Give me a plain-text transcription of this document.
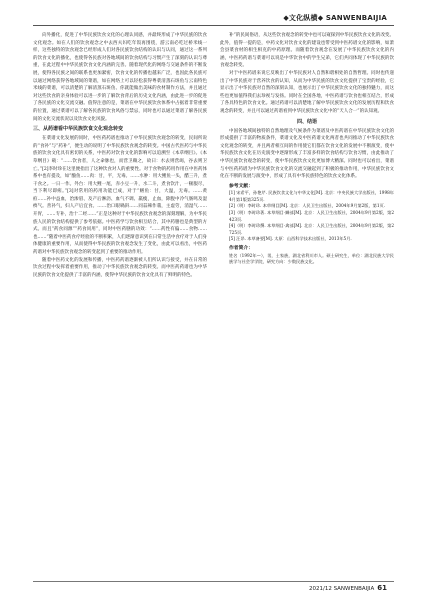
◆文化纵横◆ SANWENBAIJIA

向外播化，促进了中华民族饮食文化的心理认同感，并最终形成了中华民族的饮食文化观念。如在人们的饮食观念之中去西夫妇吃年饭再围绕，游云南必吃过桥米线一样，这些独特的饮食观念已经形成人们对各民族饮食结构的认识与认同，通过这一系列的饮食文化的播化，也使得各民族对各地域间的饮食结构与习惯产生了深刻的认识与尊重，在此过程中中华民族饮食文化内涵的完善。随着现代化的网络与交通条件的不断发展，使得各民族之间的联系也更加紧密，饮食文化的传播也越来广泛，也因此各民族可以通过网络获得各地域间的菜谱，如在网络上可以轻松获得粤菜清蒸石斑鱼与云南特色米线的菜谱，可以清楚的了解清蒸石斑鱼、你就能做出美味的食材制作方法，并且通过对这些饮食的亲身体验可以进一步的了解饮食背后的历史文化内涵，由此进一步的促进了各民族的文化交流交融。值得注意的是，菜谱在中华民族饮食体系中占据着非常重要的位置，通过菜谱可以了解各民族的饮食风俗与禁忌，同时也可以通过菜谱了解各民族间的文化交流状况以及饮食文化风貌。

三、从药谱看中华民族饮食文化观念转变

在菜谱文化发展的同时，中医药药谱也推动了中华民族饮食观念的转变，民间所说的“食补”与“药补”，便生动的说明了中华民族饮食观念的转变。中国古代医药与中华民族的饮食文化具有密切的关系，中医药对饮食文化的影响可以追溯至《本草纲目》。《本草纲目》载：“……饮食者，人之命脉也，而营卫赖之，故曰：水去则营竭，谷去则卫亡。”[2]李时珍在这里便指出了这种饮食对人的重要性。对于食物的药用作用在中医药体系中也有提及，如“酿鱼……肉：甘，平，无毒。……水肿：用大鲤鱼一头，醋三升，煮干食之。一日一作。外台：用大鲤一尾，赤小豆一升，水二斗，煮食饮汁，一顿服尽，当下利尽即瘥。”[3]对常用的药用功能已成，对于“鳝鱼：甘，大温，无毒。……黄疸……补中益血，治渗唇、及产后淋沥、血气不调、羸瘦，止血，除腹中冷气肠鸣及湿痹气。善补气，妇人产后宜食。……治口眼喎斜……同蒜辣作羹，主虚劳，消湿气……开胃，……专补，治十二经……”正是这种对于中华民族饮食观念的深刻理解，为中华民族人民的饮食结构提供了参考依据。中医药学与饮食相互结合，其中药膳也是典型的方式。而且“药食同源”“药食同用”，同时中医药膳的功效：“……药性有偏……食物……也……”随着中医药食疗经验的不断积累，人们逐渐意识到在日常生活中食疗对于人们身体健康的重要作用，从而使得中华民族的饮食观念发生了变化，由此可以看出，中医药药谱对中华民族饮食观念的转变起到了重要的推动作用。

随着中医药文化的发展和传播，中医药药谱逐渐被人们所认识与接受，并在日常的饮食过程中发挥着重要作用，推动了中华民族饮食观念的转变。而中医药药谱也为中华民族的饮食文化提供了丰富的内涵，使得中华民族的饮食文化具有了鲜明的特色。

补”的民间俗语，从这些饮食观念的转变中也可以窥探到中华民族饮食文化的改变。此外，值得一提的是，中药文化对饮食文化的建设也带受到中医药谱文化的影响，如萧会县菜食材的相生相克的中药原理。而随着饮食观念在发展了中华民族饮食文化的内涵，中医药药谱与菜谱可以说是中华饮食中的学生兄弟，它们共同体现了中华民族的饮食观念转变。

对于中医药谱来说它反映出了中华民族对人自然和谐相处的自然哲理。同时也传递出了中华民族对于营养饮食的认知，从而为中华民族的饮食文化提供了宝贵的经验，它显示出了中华民族对自然的深刻认知，也展示出了中华民族饮食文化的独特魅力，而这些也更加值得我们去珍视与发扬。同时在全国各地，中医药谱与饮食也相互结合，形成了各具特色的饮食文化。通过药谱可以清楚地了解中华民族饮食文化的发展历程和饮食观念的转变，并且可以通过药谱看到中华民族饮食文化中的“天人合一”的认知观。

四、结语

中国各地域间独特的自然地理及气候条件为菜谱及中医药谱在中华民族饮食文化的形成提供了丰富的物质条件，菜谱文化及中医药谱文化两者也共同推动了中华民族饮食文化观念的转变，并且两者相互间的作用使它们都在饮食文化的发展中不断演变，使中华民族饮食文化在历史演变中逐渐形成了丰富多样的饮食结构与饮食习惯，由此推动了中华民族饮食观念的转变，使中华民族饮食文化更加博大精深。同时也可以看出，菜谱与中医药药谱为中华民族饮食文化的交流交融起到了积极的推动作用，中华民族饮食文化在不断的发展与演变中，形成了具有中华民族特色的饮食文化体系。

参考文献：
[1] 宋希平，孙艳芹. 民族饮食文化与中华文化[M]. 北京：中央民族大学出版社，1998年4月第1版第325页.
[2]（明）李时珍. 本草纲目[M]. 北京：人民卫生出版社，2004年9月第2版，第1页.
[3]（明）李时珍著. 本草纲目·鳞部[M]. 北京：人民卫生出版社，2004年9月第2版，第2423页.
[4]（明）李时珍撰. 本草纲目·禽部[M]. 北京：人民卫生出版社，2004年9月第2版，第2725页.
[5] 汪昂. 本草备要[M]. 太原：山西科学技术出版社，2013年5月.
作者简介：
姓名（1992年—），男，土家族，湖北省利川市人。硕士研究生，单位：湖北民族大学民族学与社会学学院，研究方向：少数民族文化。
2021/12 SANWENBAIJIA 61
